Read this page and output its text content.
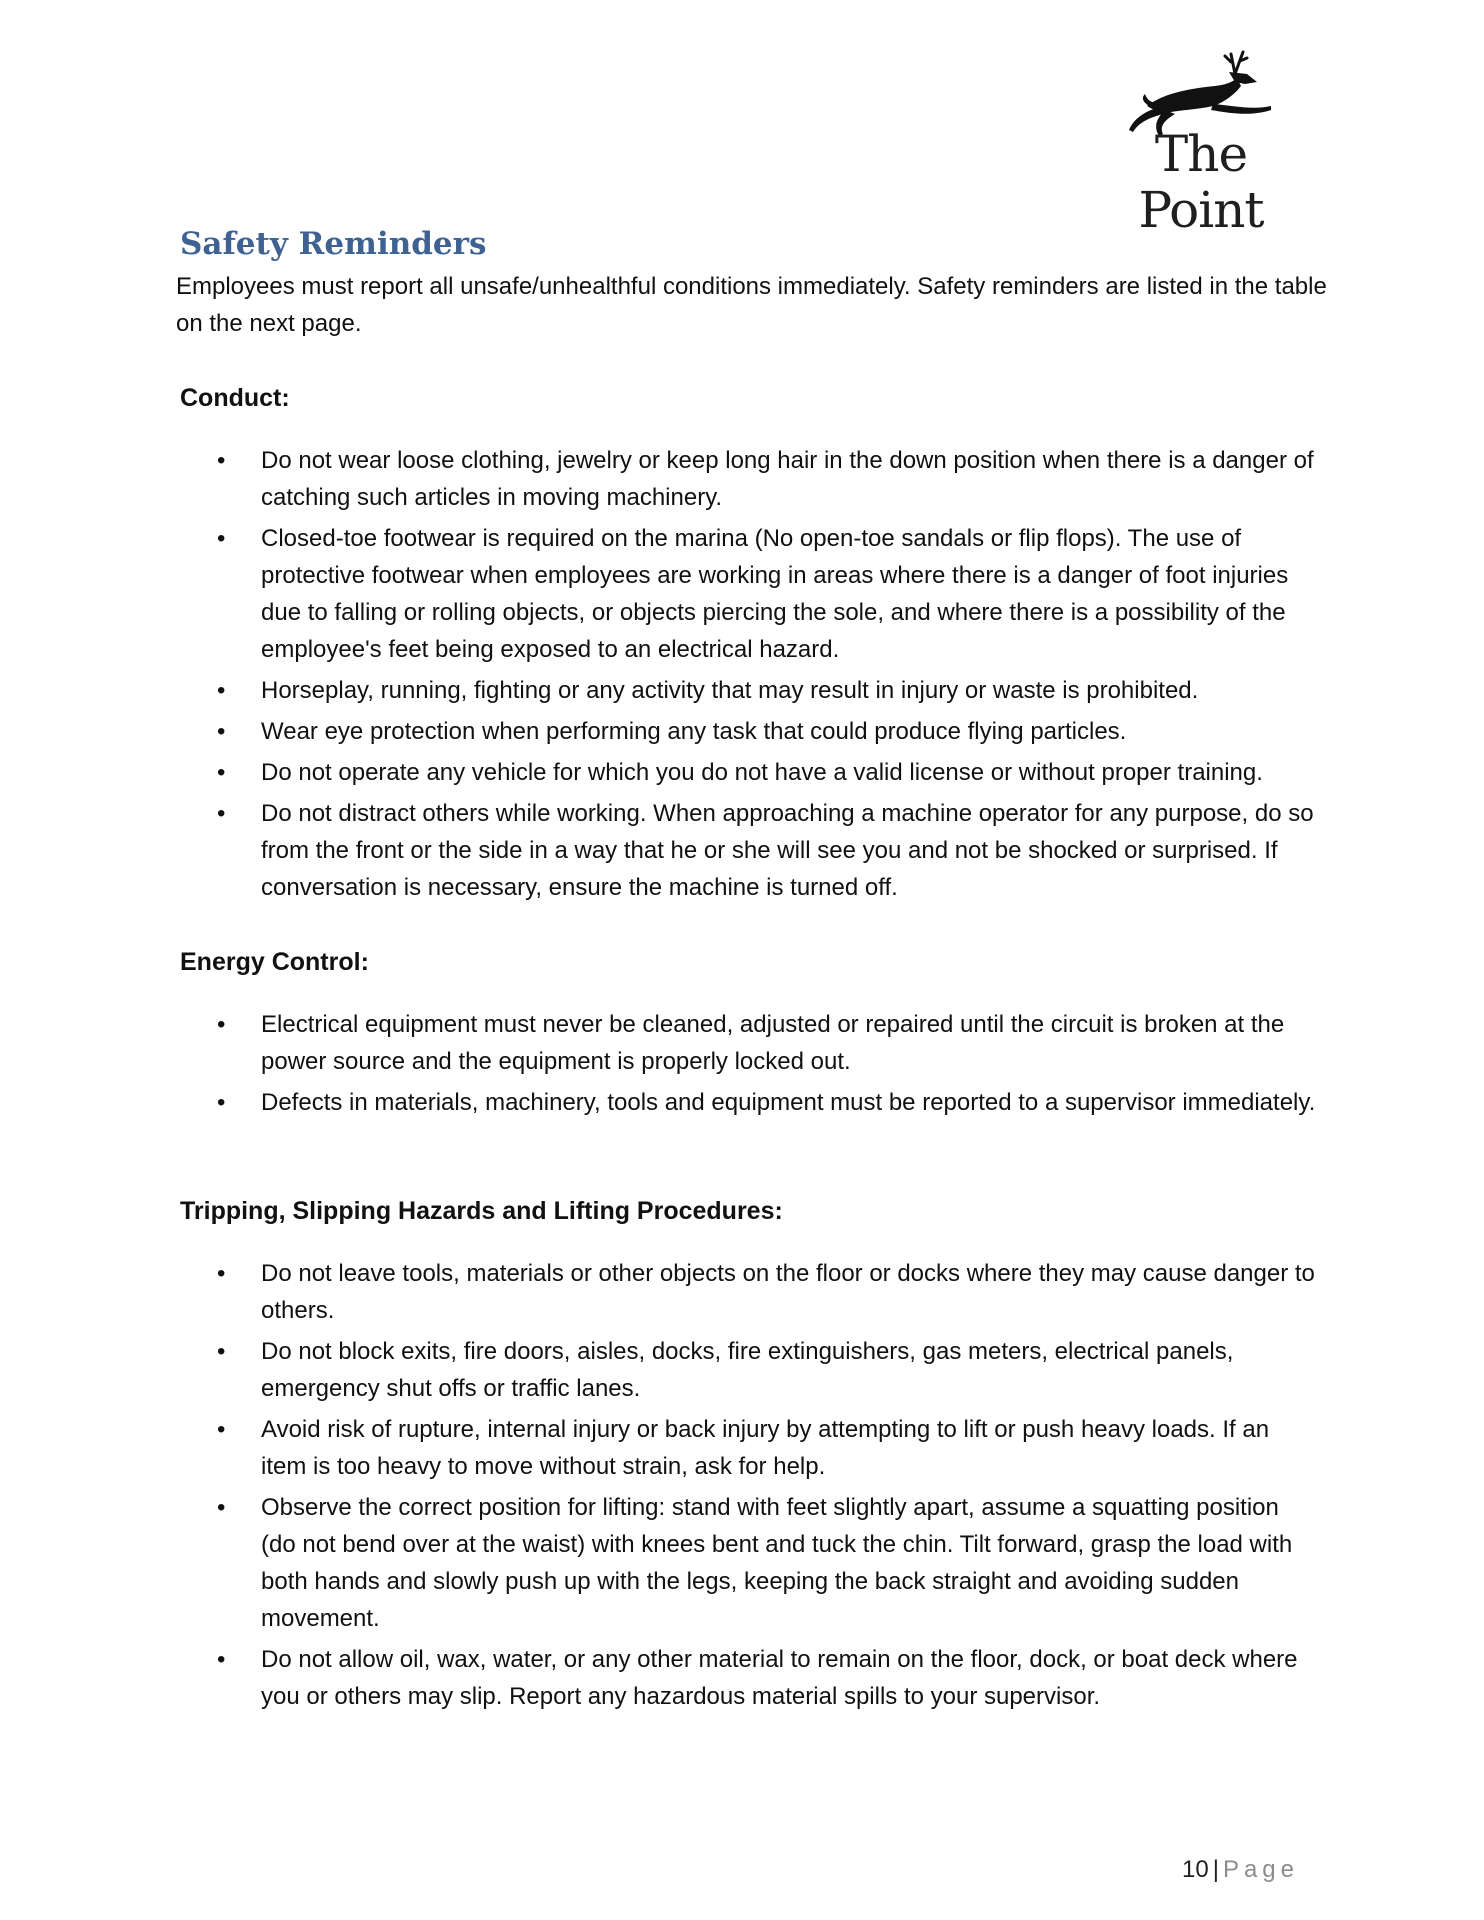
The Point
Safety Reminders

Employees must report all unsafe/unhealthful conditions immediately. Safety reminders are listed in the table on the next page.

Conduct:
•	Do not wear loose clothing, jewelry or keep long hair in the down position when there is a danger of catching such articles in moving machinery.
•	Closed-toe footwear is required on the marina (No open-toe sandals or flip flops). The use of protective footwear when employees are working in areas where there is a danger of foot injuries due to falling or rolling objects, or objects piercing the sole, and where there is a possibility of the employee's feet being exposed to an electrical hazard.
•	Horseplay, running, fighting or any activity that may result in injury or waste is prohibited.
•	Wear eye protection when performing any task that could produce flying particles.
•	Do not operate any vehicle for which you do not have a valid license or without proper training.
•	Do not distract others while working. When approaching a machine operator for any purpose, do so from the front or the side in a way that he or she will see you and not be shocked or surprised. If conversation is necessary, ensure the machine is turned off.
Energy Control:
•	Electrical equipment must never be cleaned, adjusted or repaired until the circuit is broken at the power source and the equipment is properly locked out.
•	Defects in materials, machinery, tools and equipment must be reported to a supervisor immediately.
Tripping, Slipping Hazards and Lifting Procedures:
•	Do not leave tools, materials or other objects on the floor or docks where they may cause danger to others.
•	Do not block exits, fire doors, aisles, docks, fire extinguishers, gas meters, electrical panels, emergency shut offs or traffic lanes.
•	Avoid risk of rupture, internal injury or back injury by attempting to lift or push heavy loads. If an item is too heavy to move without strain, ask for help.
•	Observe the correct position for lifting: stand with feet slightly apart, assume a squatting position (do not bend over at the waist) with knees bent and tuck the chin. Tilt forward, grasp the load with both hands and slowly push up with the legs, keeping the back straight and avoiding sudden movement.
•	Do not allow oil, wax, water, or any other material to remain on the floor, dock, or boat deck where you or others may slip. Report any hazardous material spills to your supervisor.

10 | Page
